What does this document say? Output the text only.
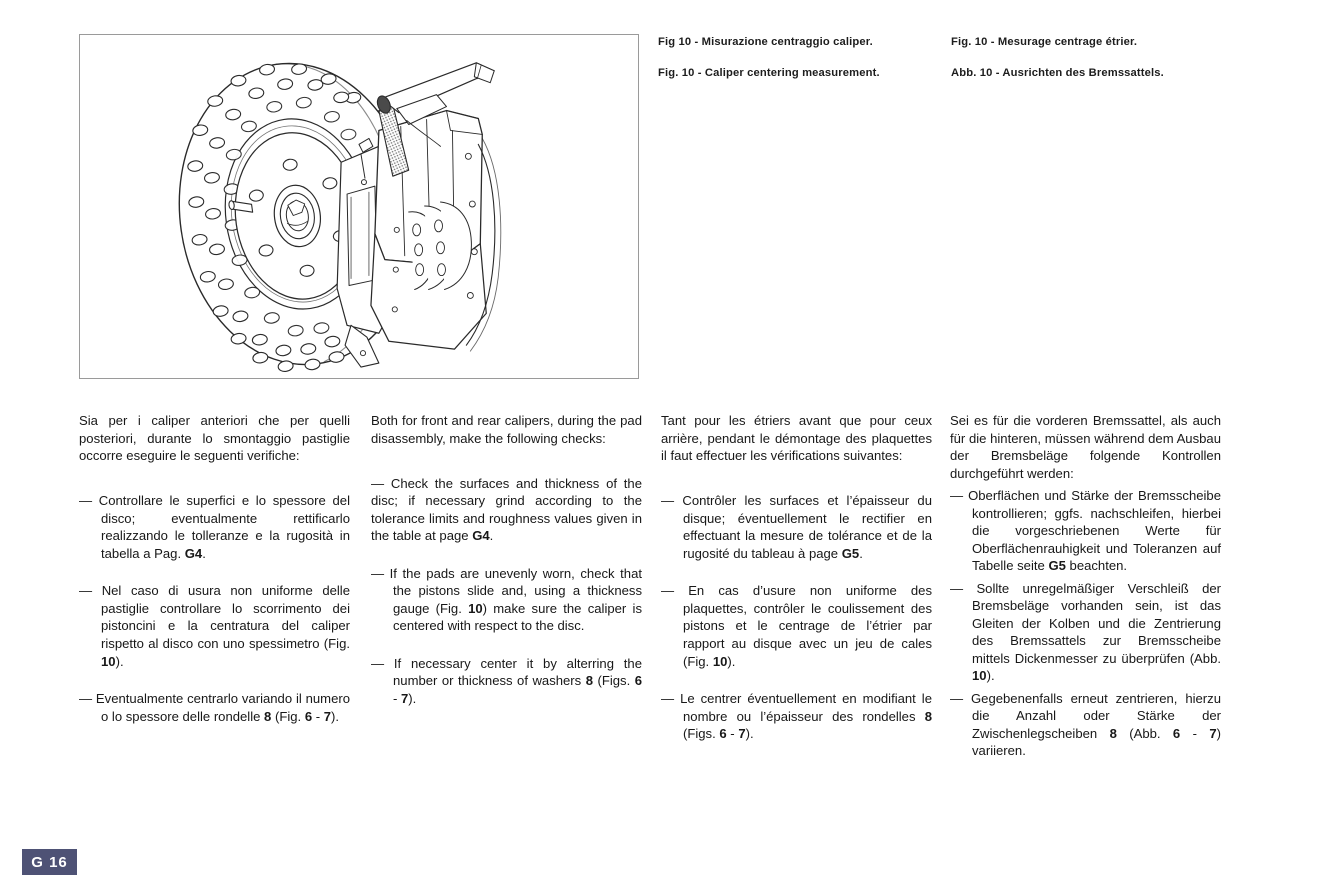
Fig 10 - Misurazione centraggio caliper.
Fig. 10 - Caliper centering measurement.
Fig. 10 - Mesurage centrage étrier.
Abb. 10 - Ausrichten des Bremssattels.

Sia per i caliper anteriori che per quelli posteriori, durante lo smontaggio pastiglie occorre eseguire le seguenti verifiche:

— Controllare le superfici e lo spessore del disco; eventualmente rettificarlo realizzando le tolleranze e la rugosità in tabella a Pag. G4.

— Nel caso di usura non uniforme delle pastiglie controllare lo scorrimento dei pistoncini e la centratura del caliper rispetto al disco con uno spessimetro (Fig. 10).

— Eventualmente centrarlo variando il numero o lo spessore delle rondelle 8 (Fig. 6 - 7).

Both for front and rear calipers, during the pad disassembly, make the following checks:

— Check the surfaces and thickness of the disc; if necessary grind according to the tolerance limits and roughness values given in the table at page G4.

— If the pads are unevenly worn, check that the pistons slide and, using a thickness gauge (Fig. 10) make sure the caliper is centered with respect to the disc.

— If necessary center it by alterring the number or thickness of washers 8 (Figs. 6 - 7).

Tant pour les étriers avant que pour ceux arrière, pendant le démontage des plaquettes il faut effectuer les vérifications suivantes:

— Contrôler les surfaces et l’épaisseur du disque; éventuellement le rectifier en effectuant la mesure de tolérance et de la rugosité du tableau à page G5.

— En cas d’usure non uniforme des plaquettes, contrôler le coulissement des pistons et le centrage de l’étrier par rapport au disque avec un jeu de cales (Fig. 10).

— Le centrer éventuellement en modifiant le nombre ou l’épaisseur des rondelles 8 (Figs. 6 - 7).

Sei es für die vorderen Bremssattel, als auch für die hinteren, müssen während dem Ausbau der Bremsbeläge folgende Kontrollen durchgeführt werden:

— Oberflächen und Stärke der Bremsscheibe kontrollieren; ggfs. nachschleifen, hierbei die vorgeschriebenen Werte für Oberflächenrauhigkeit und Toleranzen auf Tabelle seite G5 beachten.

— Sollte unregelmäßiger Verschleiß der Bremsbeläge vorhanden sein, ist das Gleiten der Kolben und die Zentrierung des Bremssattels zur Bremsscheibe mittels Dickenmesser zu überprüfen (Abb. 10).

— Gegebenenfalls erneut zentrieren, hierzu die Anzahl oder Stärke der Zwischenlegscheiben 8 (Abb. 6 - 7) variieren.

G 16
